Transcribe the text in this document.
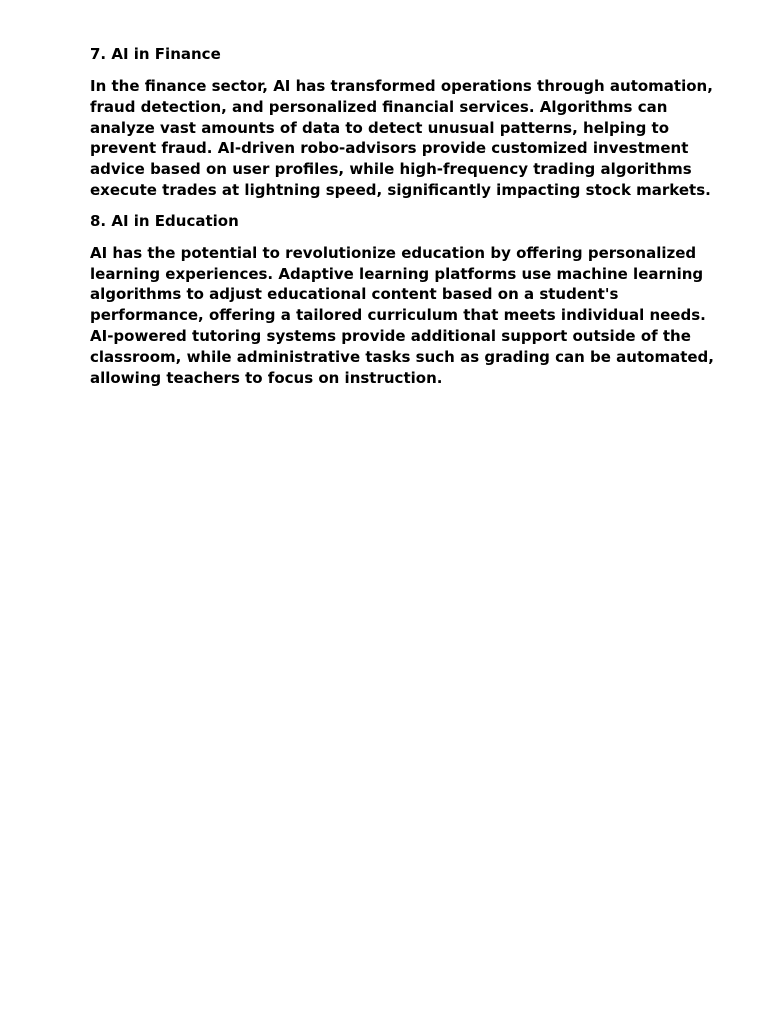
7. AI in Finance
In the finance sector, AI has transformed operations through automation,
fraud detection, and personalized financial services. Algorithms can
analyze vast amounts of data to detect unusual patterns, helping to
prevent fraud. AI-driven robo-advisors provide customized investment
advice based on user profiles, while high-frequency trading algorithms
execute trades at lightning speed, significantly impacting stock markets.
8. AI in Education
AI has the potential to revolutionize education by offering personalized
learning experiences. Adaptive learning platforms use machine learning
algorithms to adjust educational content based on a student's
performance, offering a tailored curriculum that meets individual needs.
AI-powered tutoring systems provide additional support outside of the
classroom, while administrative tasks such as grading can be automated,
allowing teachers to focus on instruction.
